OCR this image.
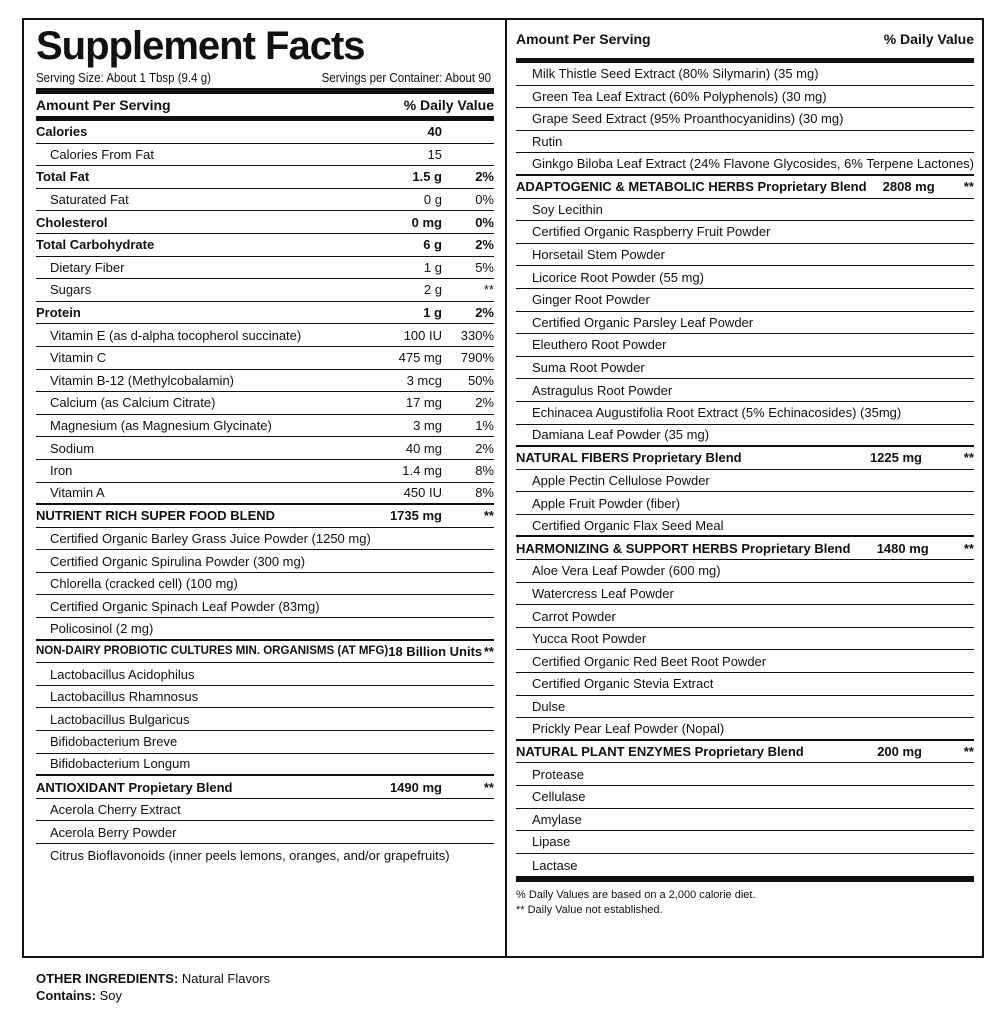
Supplement Facts
Serving Size: About 1 Tbsp (9.4 g)	Servings per Container: About 90
Amount Per Serving	% Daily Value
Calories	40
Calories From Fat	15
Total Fat	1.5 g	2%
Saturated Fat	0 g	0%
Cholesterol	0 mg	0%
Total Carbohydrate	6 g	2%
Dietary Fiber	1 g	5%
Sugars	2 g	**
Protein	1 g	2%
Vitamin E (as d-alpha tocopherol succinate)	100 IU	330%
Vitamin C	475 mg	790%
Vitamin B-12 (Methylcobalamin)	3 mcg	50%
Calcium (as Calcium Citrate)	17 mg	2%
Magnesium (as Magnesium Glycinate)	3 mg	1%
Sodium	40 mg	2%
Iron	1.4 mg	8%
Vitamin A	450 IU	8%
NUTRIENT RICH SUPER FOOD BLEND	1735 mg	**
Certified Organic Barley Grass Juice Powder (1250 mg)
Certified Organic Spirulina Powder (300 mg)
Chlorella (cracked cell) (100 mg)
Certified Organic Spinach Leaf Powder (83mg)
Policosinol (2 mg)
NON-DAIRY PROBIOTIC CULTURES MIN. ORGANISMS (AT MFG) 18 Billion Units **
Lactobacillus Acidophilus
Lactobacillus Rhamnosus
Lactobacillus Bulgaricus
Bifidobacterium Breve
Bifidobacterium Longum
ANTIOXIDANT Propietary Blend	1490 mg	**
Acerola Cherry Extract
Acerola Berry Powder
Citrus Bioflavonoids (inner peels lemons, oranges, and/or grapefruits)
Amount Per Serving	% Daily Value
Milk Thistle Seed Extract (80% Silymarin) (35 mg)
Green Tea Leaf Extract (60% Polyphenols) (30 mg)
Grape Seed Extract (95% Proanthocyanidins) (30 mg)
Rutin
Ginkgo Biloba Leaf Extract (24% Flavone Glycosides, 6% Terpene Lactones)
ADAPTOGENIC & METABOLIC HERBS Proprietary Blend	2808 mg	**
Soy Lecithin
Certified Organic Raspberry Fruit Powder
Horsetail Stem Powder
Licorice Root Powder (55 mg)
Ginger Root Powder
Certified Organic Parsley Leaf Powder
Eleuthero Root Powder
Suma Root Powder
Astragulus Root Powder
Echinacea Augustifolia Root Extract (5% Echinacosides) (35mg)
Damiana Leaf Powder (35 mg)
NATURAL FIBERS Proprietary Blend	1225 mg	**
Apple Pectin Cellulose Powder
Apple Fruit Powder (fiber)
Certified Organic Flax Seed Meal
HARMONIZING & SUPPORT HERBS Proprietary Blend	1480 mg	**
Aloe Vera Leaf Powder (600 mg)
Watercress Leaf Powder
Carrot Powder
Yucca Root Powder
Certified Organic Red Beet Root Powder
Certified Organic Stevia Extract
Dulse
Prickly Pear Leaf Powder (Nopal)
NATURAL PLANT ENZYMES Proprietary Blend	200 mg	**
Protease
Cellulase
Amylase
Lipase
Lactase
% Daily Values are based on a 2,000 calorie diet.
** Daily Value not established.
OTHER INGREDIENTS: Natural Flavors
Contains: Soy
